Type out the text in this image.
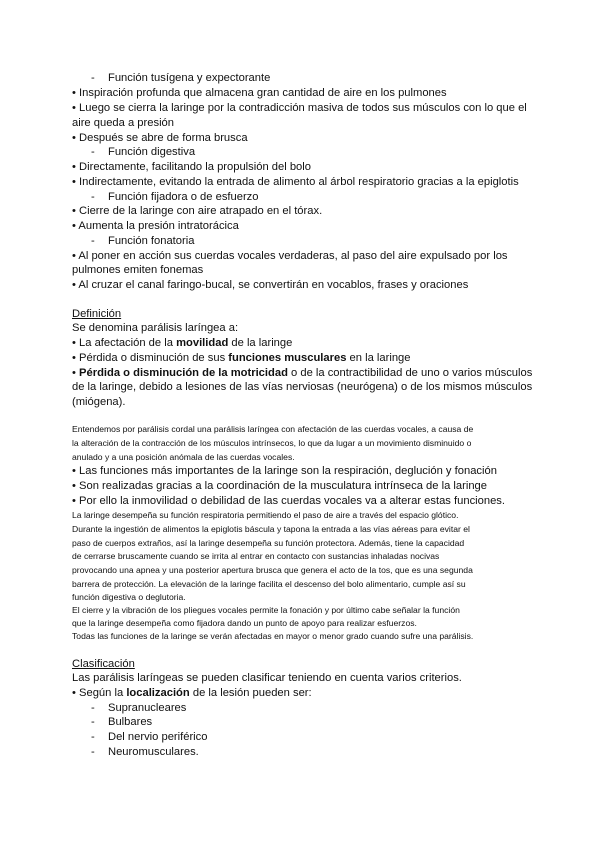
- Función tusígena y expectorante
• Inspiración profunda que almacena gran cantidad de aire en los pulmones
• Luego se cierra la laringe por la contradicción masiva de todos sus músculos con lo que el
aire queda a presión
• Después se abre de forma brusca
- Función digestiva
• Directamente, facilitando la propulsión del bolo
• Indirectamente, evitando la entrada de alimento al árbol respiratorio gracias a la epiglotis
- Función fijadora o de esfuerzo
• Cierre de la laringe con aire atrapado en el tórax.
• Aumenta la presión intratorácica
- Función fonatoria
• Al poner en acción sus cuerdas vocales verdaderas, al paso del aire expulsado por los
pulmones emiten fonemas
• Al cruzar el canal faringo-bucal, se convertirán en vocablos, frases y oraciones
Definición
Se denomina parálisis laríngea a:
• La afectación de la movilidad de la laringe
• Pérdida o disminución de sus funciones musculares en la laringe
• Pérdida o disminución de la motricidad o de la contractibilidad de uno o varios músculos
de la laringe, debido a lesiones de las vías nerviosas (neurógena) o de los mismos músculos
(miógena).
Entendemos por parálisis cordal una parálisis laríngea con afectación de las cuerdas vocales, a causa de
la alteración de la contracción de los músculos intrínsecos, lo que da lugar a un movimiento disminuido o
anulado y a una posición anómala de las cuerdas vocales.
• Las funciones más importantes de la laringe son la respiración, deglución y fonación
• Son realizadas gracias a la coordinación de la musculatura intrínseca de la laringe
• Por ello la inmovilidad o debilidad de las cuerdas vocales va a alterar estas funciones.
La laringe desempeña su función respiratoria permitiendo el paso de aire a través del espacio glótico.
Durante la ingestión de alimentos la epiglotis báscula y tapona la entrada a las vías aéreas para evitar el
paso de cuerpos extraños, así la laringe desempeña su función protectora. Además, tiene la capacidad
de cerrarse bruscamente cuando se irrita al entrar en contacto con sustancias inhaladas nocivas
provocando una apnea y una posterior apertura brusca que genera el acto de la tos, que es una segunda
barrera de protección. La elevación de la laringe facilita el descenso del bolo alimentario, cumple así su
función digestiva o deglutoria.
El cierre y la vibración de los pliegues vocales permite la fonación y por último cabe señalar la función
que la laringe desempeña como fijadora dando un punto de apoyo para realizar esfuerzos.
Todas las funciones de la laringe se verán afectadas en mayor o menor grado cuando sufre una parálisis.
Clasificación
Las parálisis laríngeas se pueden clasificar teniendo en cuenta varios criterios.
• Según la localización de la lesión pueden ser:
- Supranucleares
- Bulbares
- Del nervio periférico
- Neuromusculares.
